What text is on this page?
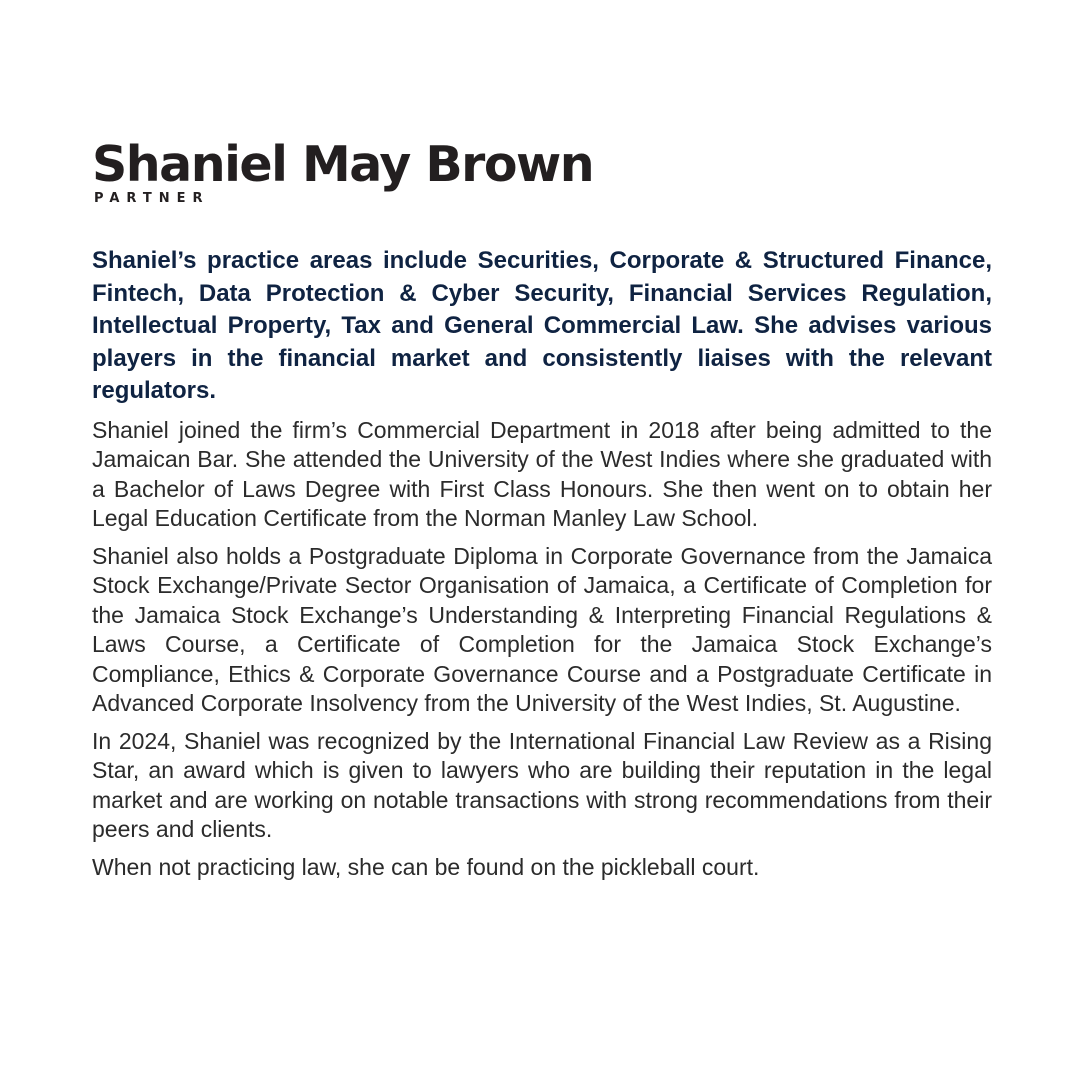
Shaniel May Brown
PARTNER

Shaniel’s practice areas include Securities, Corporate & Structured Finance, Fintech, Data Protection & Cyber Security, Financial Services Regulation, Intellectual Property, Tax and General Commercial Law. She advises various players in the financial market and consistently liaises with the relevant regulators.

Shaniel joined the firm’s Commercial Department in 2018 after being admitted to the Jamaican Bar. She attended the University of the West Indies where she graduated with a Bachelor of Laws Degree with First Class Honours. She then went on to obtain her Legal Education Certificate from the Norman Manley Law School.

Shaniel also holds a Postgraduate Diploma in Corporate Governance from the Jamaica Stock Exchange/Private Sector Organisation of Jamaica, a Certificate of Completion for the Jamaica Stock Exchange’s Understanding & Interpreting Financial Regulations & Laws Course, a Certificate of Completion for the Jamaica Stock Exchange’s Compliance, Ethics & Corporate Governance Course and a Postgraduate Certificate in Advanced Corporate Insolvency from the University of the West Indies, St. Augustine.

In 2024, Shaniel was recognized by the International Financial Law Review as a Rising Star, an award which is given to lawyers who are building their reputation in the legal market and are working on notable transactions with strong recommendations from their peers and clients.

When not practicing law, she can be found on the pickleball court.
